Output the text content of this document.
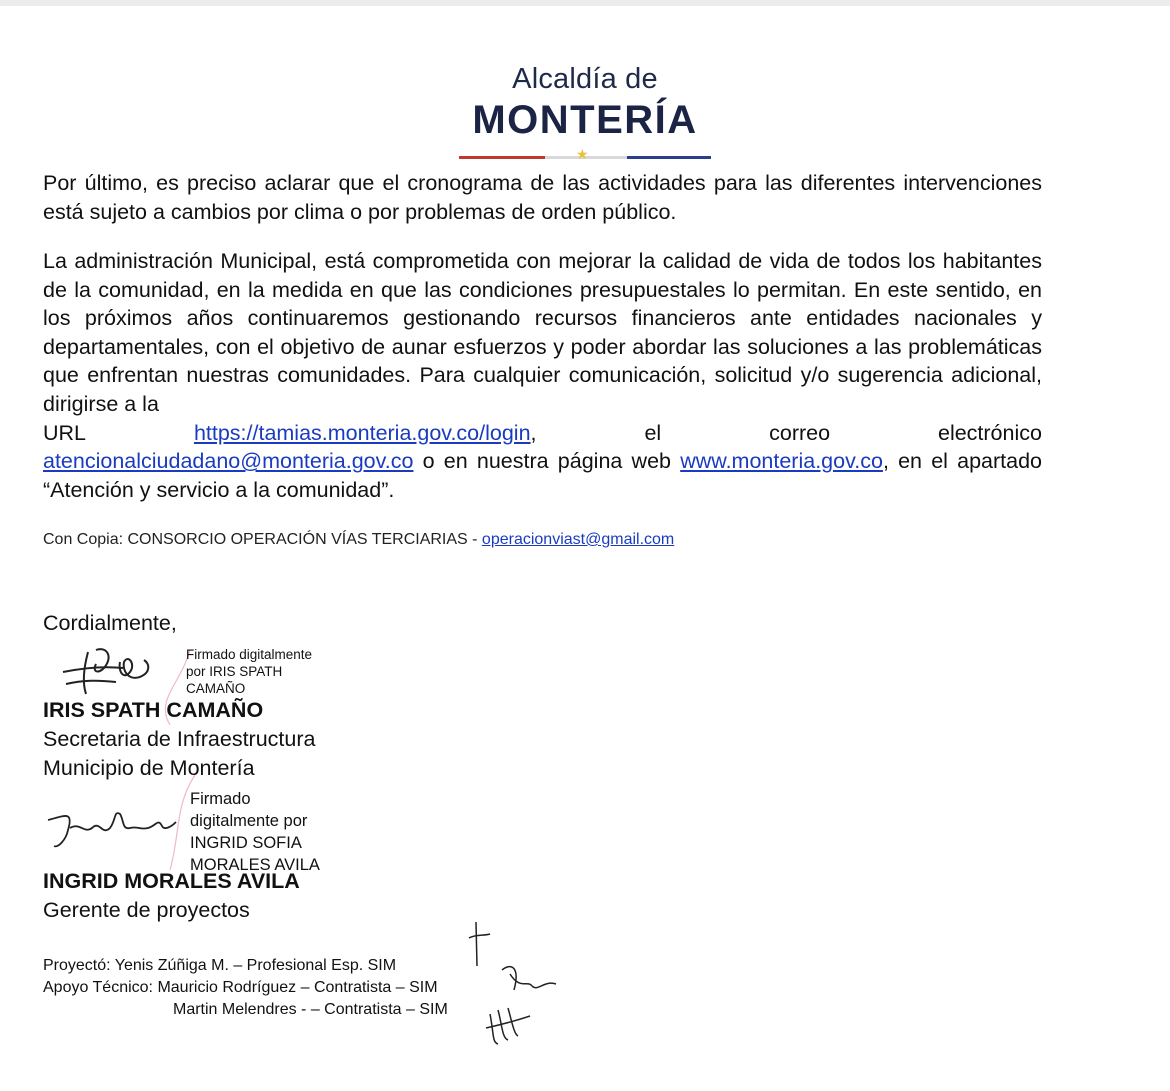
Alcaldía de
MONTERÍA
★

Por último, es preciso aclarar que el cronograma de las actividades para las diferentes intervenciones está sujeto a cambios por clima o por problemas de orden público.

La administración Municipal, está comprometida con mejorar la calidad de vida de todos los habitantes de la comunidad, en la medida en que las condiciones presupuestales lo permitan. En este sentido, en los próximos años continuaremos gestionando recursos financieros ante entidades nacionales y departamentales, con el objetivo de aunar esfuerzos y poder abordar las soluciones a las problemáticas que enfrentan nuestras comunidades. Para cualquier comunicación, solicitud y/o sugerencia adicional, dirigirse a la

URL	https://tamias.monteria.gov.co/login,	el	correo	electrónico

atencionalciudadano@monteria.gov.co o en nuestra página web www.monteria.gov.co, en el apartado “Atención y servicio a la comunidad”.

Con Copia: CONSORCIO OPERACIÓN VÍAS TERCIARIAS - operacionviast@gmail.com
Cordialmente,
Firmado digitalmente
por IRIS SPATH
CAMAÑO
IRIS SPATH CAMAÑO
Secretaria de Infraestructura
Municipio de Montería
Firmado
digitalmente por
INGRID SOFIA
MORALES AVILA
INGRID MORALES AVILA
Gerente de proyectos
Proyectó: Yenis Zúñiga M. – Profesional Esp. SIM
Apoyo Técnico: Mauricio Rodríguez – Contratista – SIM
Martin Melendres - – Contratista – SIM
